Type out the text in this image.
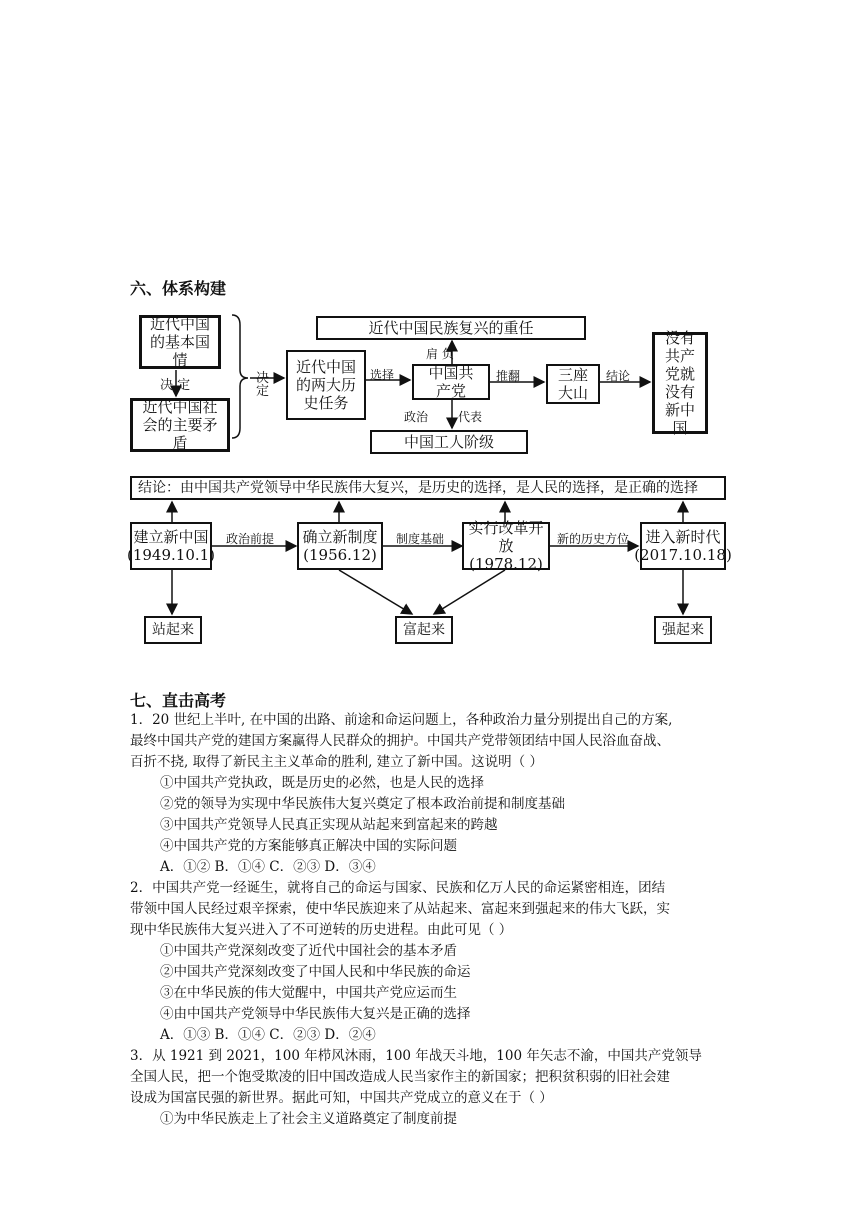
六、体系构建
近代中国的基本国情
决 定
近代中国社会的主要矛盾
决定
近代中国的两大历史任务
选择
近代中国民族复兴的重任
肩 负
中国共产党
政治 代表
中国工人阶级
推翻	三座大山
结论
没有共产党就没有新中国
结论：由中国共产党领导中华民族伟大复兴，是历史的选择，是人民的选择，是正确的选择
建立新中国
(1949.10.1)
政治前提 确立新制度
(1956.12)
制度基础
实行改革开放
(1978.12)
新的历史方位 进入新时代
(2017.10.18)
站起来	富起来	强起来
七、直击高考
1．20 世纪上半叶, 在中国的出路、前途和命运问题上，各种政治力量分别提出自己的方案,
最终中国共产党的建国方案赢得人民群众的拥护。中国共产党带领团结中国人民浴血奋战、
百折不挠, 取得了新民主主义革命的胜利, 建立了新中国。这说明（ ）
①中国共产党执政，既是历史的必然，也是人民的选择
②党的领导为实现中华民族伟大复兴奠定了根本政治前提和制度基础
③中国共产党领导人民真正实现从站起来到富起来的跨越
④中国共产党的方案能够真正解决中国的实际问题
A．①② B．①④ C．②③ D．③④
2．中国共产党一经诞生，就将自己的命运与国家、民族和亿万人民的命运紧密相连，团结
带领中国人民经过艰辛探索，使中华民族迎来了从站起来、富起来到强起来的伟大飞跃，实
现中华民族伟大复兴进入了不可逆转的历史进程。由此可见（ ）
①中国共产党深刻改变了近代中国社会的基本矛盾
②中国共产党深刻改变了中国人民和中华民族的命运
③在中华民族的伟大觉醒中，中国共产党应运而生
④由中国共产党领导中华民族伟大复兴是正确的选择
A．①③ B．①④ C．②③ D．②④
3．从 1921 到 2021，100 年栉风沐雨，100 年战天斗地，100 年矢志不渝，中国共产党领导
全国人民，把一个饱受欺凌的旧中国改造成人民当家作主的新国家；把积贫积弱的旧社会建
设成为国富民强的新世界。据此可知，中国共产党成立的意义在于（ ）
①为中华民族走上了社会主义道路奠定了制度前提
